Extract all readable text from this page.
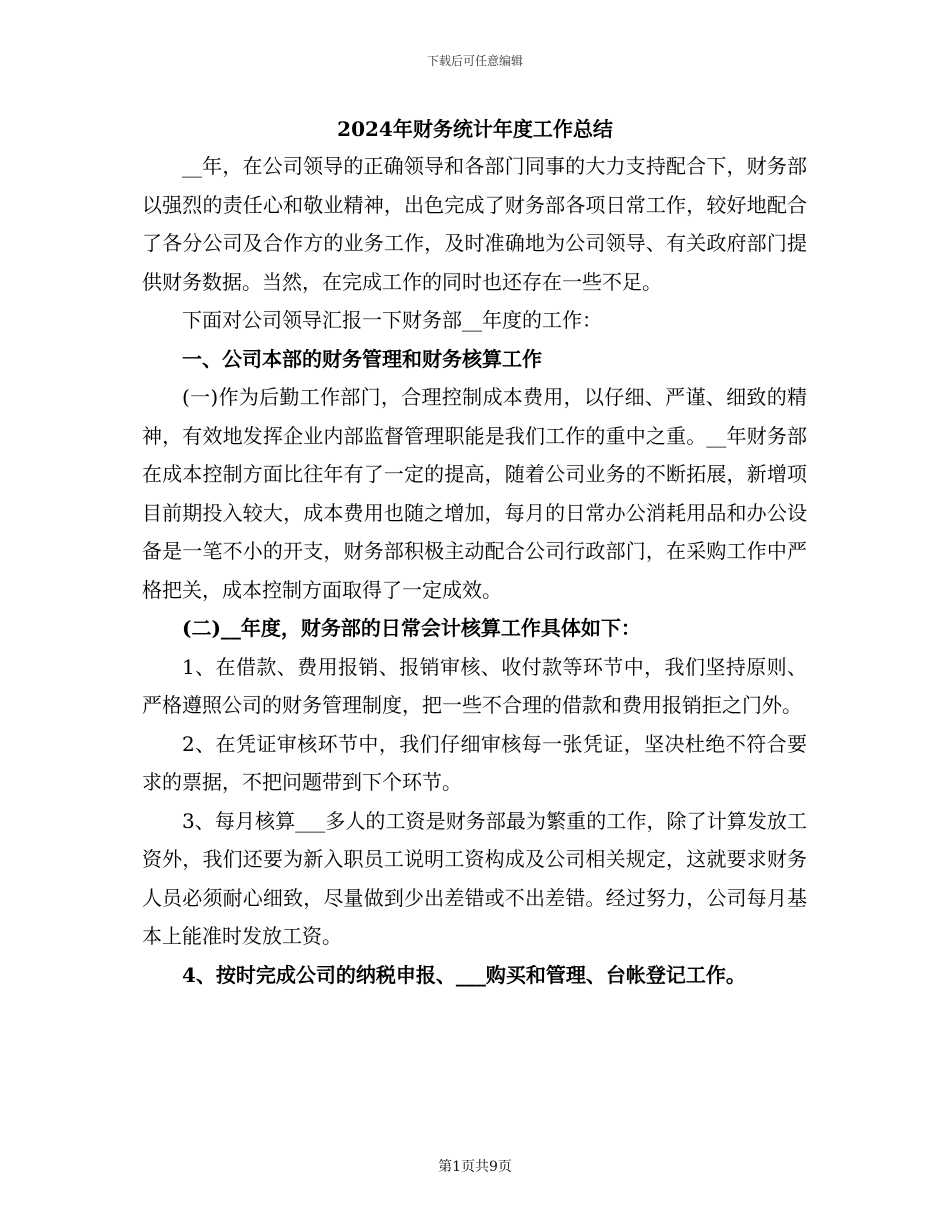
下载后可任意编辑
2024年财务统计年度工作总结

__年，在公司领导的正确领导和各部门同事的大力支持配合下，财务部以强烈的责任心和敬业精神，出色完成了财务部各项日常工作，较好地配合了各分公司及合作方的业务工作，及时准确地为公司领导、有关政府部门提供财务数据。当然，在完成工作的同时也还存在一些不足。

下面对公司领导汇报一下财务部__年度的工作：

一、公司本部的财务管理和财务核算工作

(一)作为后勤工作部门，合理控制成本费用，以仔细、严谨、细致的精神，有效地发挥企业内部监督管理职能是我们工作的重中之重。__年财务部在成本控制方面比往年有了一定的提高，随着公司业务的不断拓展，新增项目前期投入较大，成本费用也随之增加，每月的日常办公消耗用品和办公设备是一笔不小的开支，财务部积极主动配合公司行政部门，在采购工作中严格把关，成本控制方面取得了一定成效。

(二)__年度，财务部的日常会计核算工作具体如下：

1、在借款、费用报销、报销审核、收付款等环节中，我们坚持原则、严格遵照公司的财务管理制度，把一些不合理的借款和费用报销拒之门外。

2、在凭证审核环节中，我们仔细审核每一张凭证，坚决杜绝不符合要求的票据，不把问题带到下个环节。

3、每月核算___多人的工资是财务部最为繁重的工作，除了计算发放工资外，我们还要为新入职员工说明工资构成及公司相关规定，这就要求财务人员必须耐心细致，尽量做到少出差错或不出差错。经过努力，公司每月基本上能准时发放工资。

4、按时完成公司的纳税申报、___购买和管理、台帐登记工作。

第1页共9页
